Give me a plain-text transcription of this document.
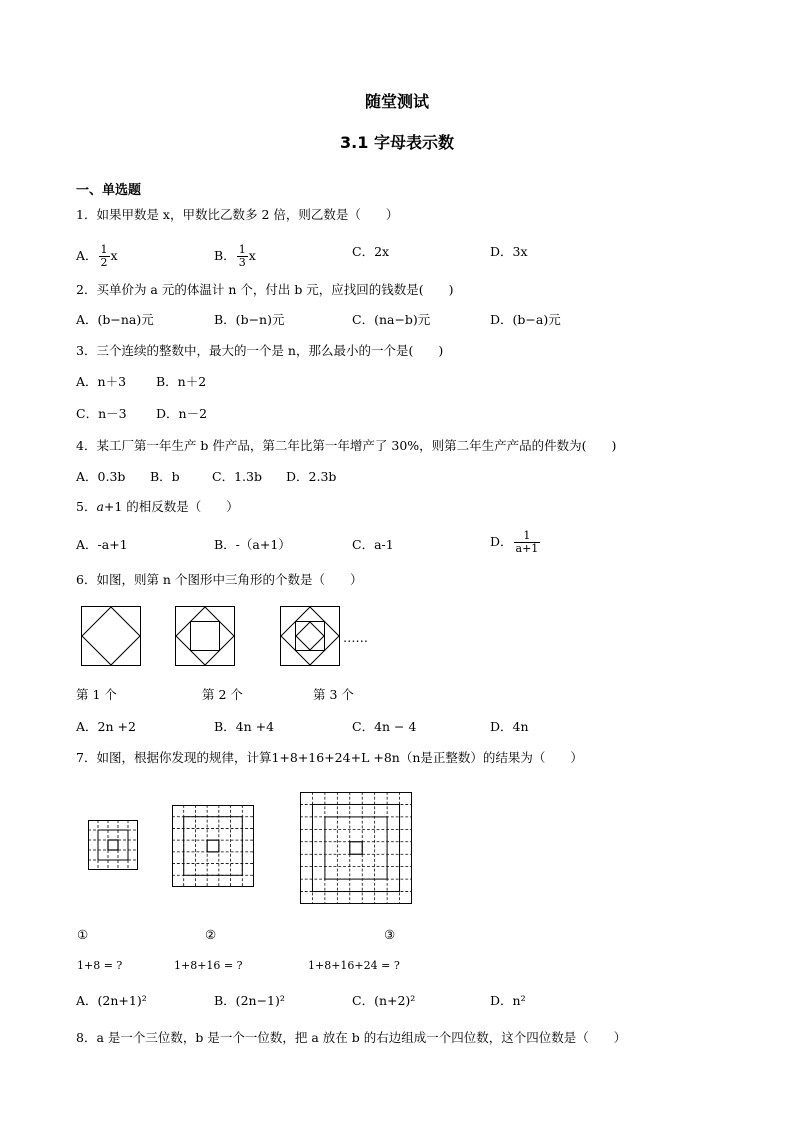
随堂测试
3.1 字母表示数
一、单选题
1．如果甲数是 x，甲数比乙数多 2 倍，则乙数是（　　）
A． $\frac{1}{2}$ x	B． $\frac{1}{3}$ x	C．2x	D．3x
2．买单价为 a 元的体温计 n 个，付出 b 元，应找回的钱数是(　　)
A．(b−na)元	B．(b−n)元	C．(na−b)元	D．(b−a)元
3．三个连续的整数中，最大的一个是 n，那么最小的一个是(　　)
A．n＋3 B．n＋2
C．n－3 D．n－2
4．某工厂第一年生产 b 件产品，第二年比第一年增产了 30%，则第二年生产产品的件数为(　　)
A．0.3b B．b	C．1.3b D．2.3b
5．a+1 的相反数是（　　）
A．-a+1	B．-（a+1）	C．a-1	D． $\frac{1}{a+1}$
6．如图，则第 n 个图形中三角形的个数是（　　）
……
第 1 个	第 2 个	第 3 个
A．2n +2	B．4n +4	C．4n − 4	D．4n
7．如图，根据你发现的规律，计算1+8+16+24+L +8n（n是正整数）的结果为（　　）
①	②	③
1+8 = ?	1+8+16 = ?	1+8+16+24 = ?
A．(2n+1)²	B．(2n−1)²	C．(n+2)²	D．n²
8．a 是一个三位数，b 是一个一位数，把 a 放在 b 的右边组成一个四位数，这个四位数是（　　）
